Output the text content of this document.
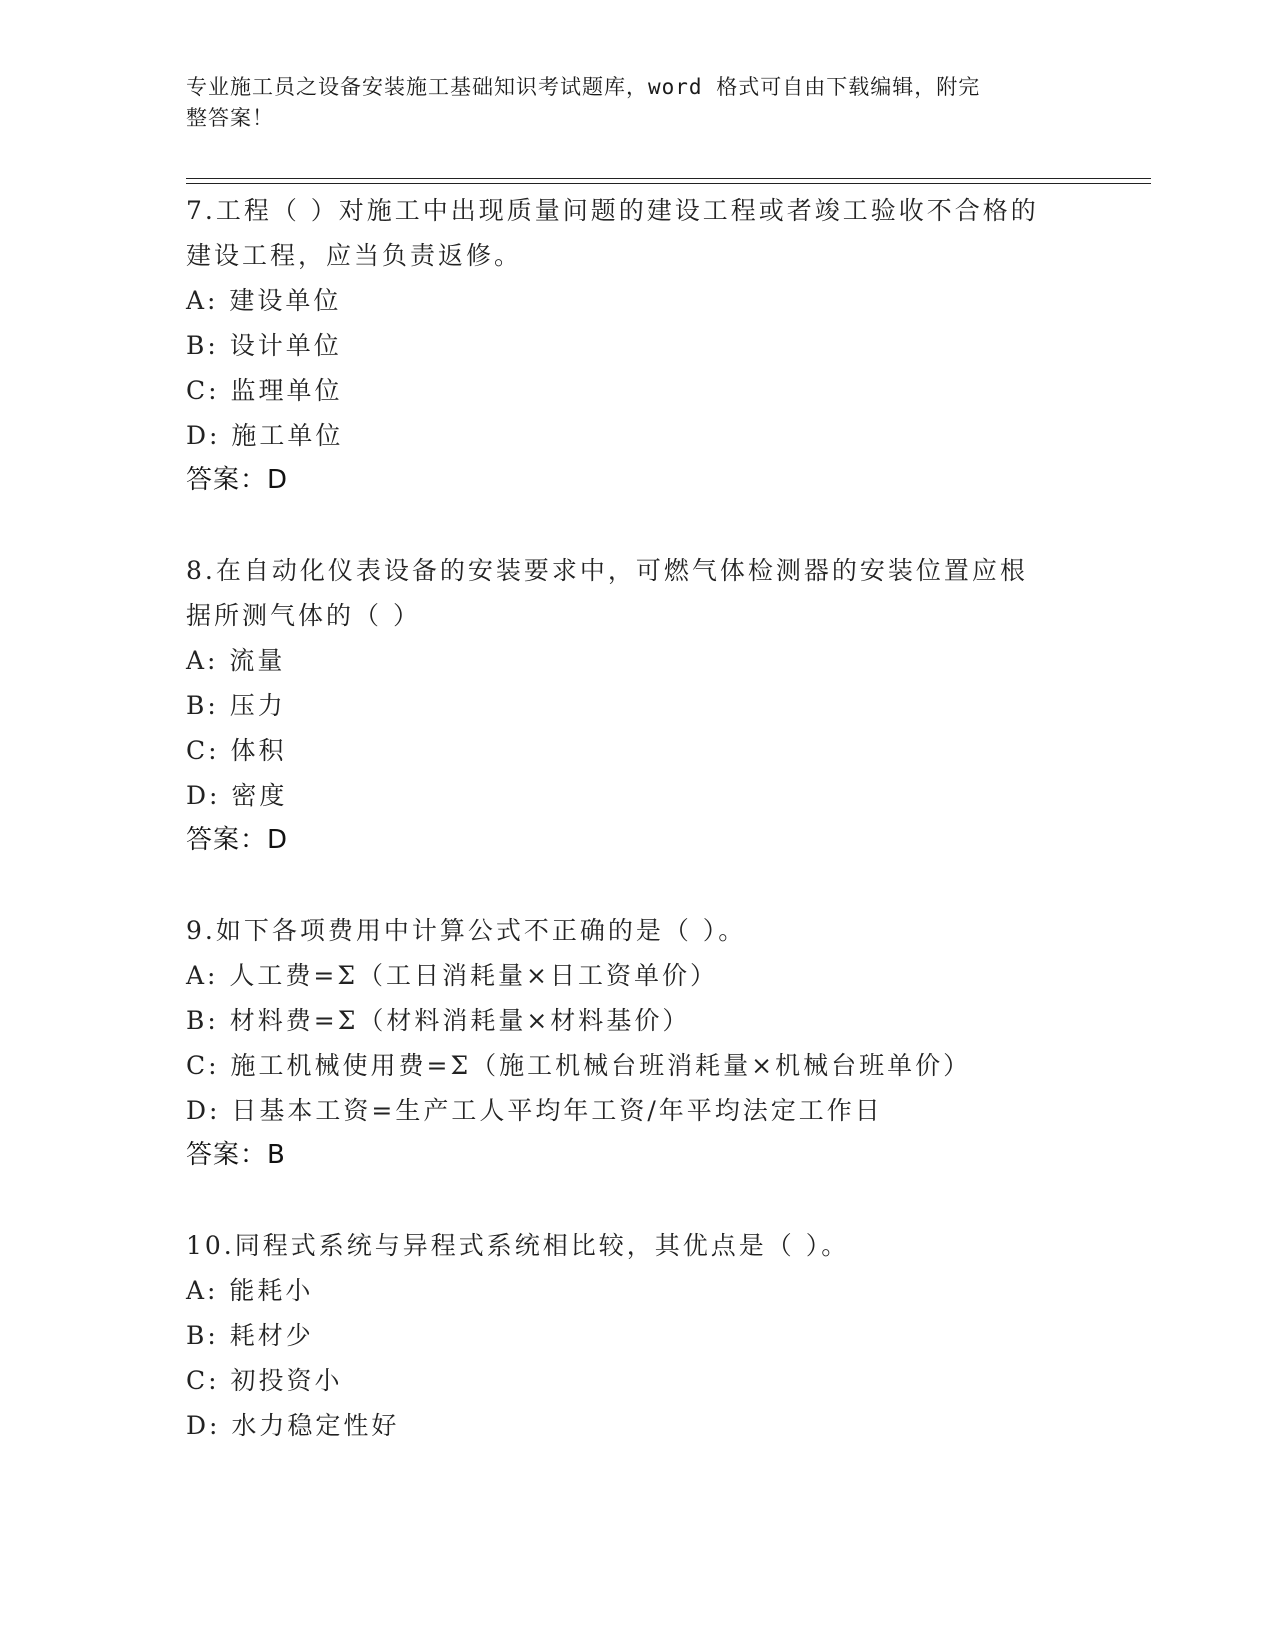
专业施工员之设备安装施工基础知识考试题库，word 格式可自由下载编辑，附完
整答案！

7.工程（ ）对施工中出现质量问题的建设工程或者竣工验收不合格的

建设工程，应当负责返修。

A: 建设单位

B: 设计单位

C: 监理单位

D: 施工单位

答案：D

8.在自动化仪表设备的安装要求中，可燃气体检测器的安装位置应根

据所测气体的（ ）

A: 流量

B: 压力

C: 体积

D: 密度

答案：D

9.如下各项费用中计算公式不正确的是（ ）。

A: 人工费=Σ（工日消耗量×日工资单价）

B: 材料费=Σ（材料消耗量×材料基价）

C: 施工机械使用费=Σ（施工机械台班消耗量×机械台班单价）

D: 日基本工资=生产工人平均年工资/年平均法定工作日

答案：B

10.同程式系统与异程式系统相比较，其优点是（ ）。

A: 能耗小

B: 耗材少

C: 初投资小

D: 水力稳定性好
